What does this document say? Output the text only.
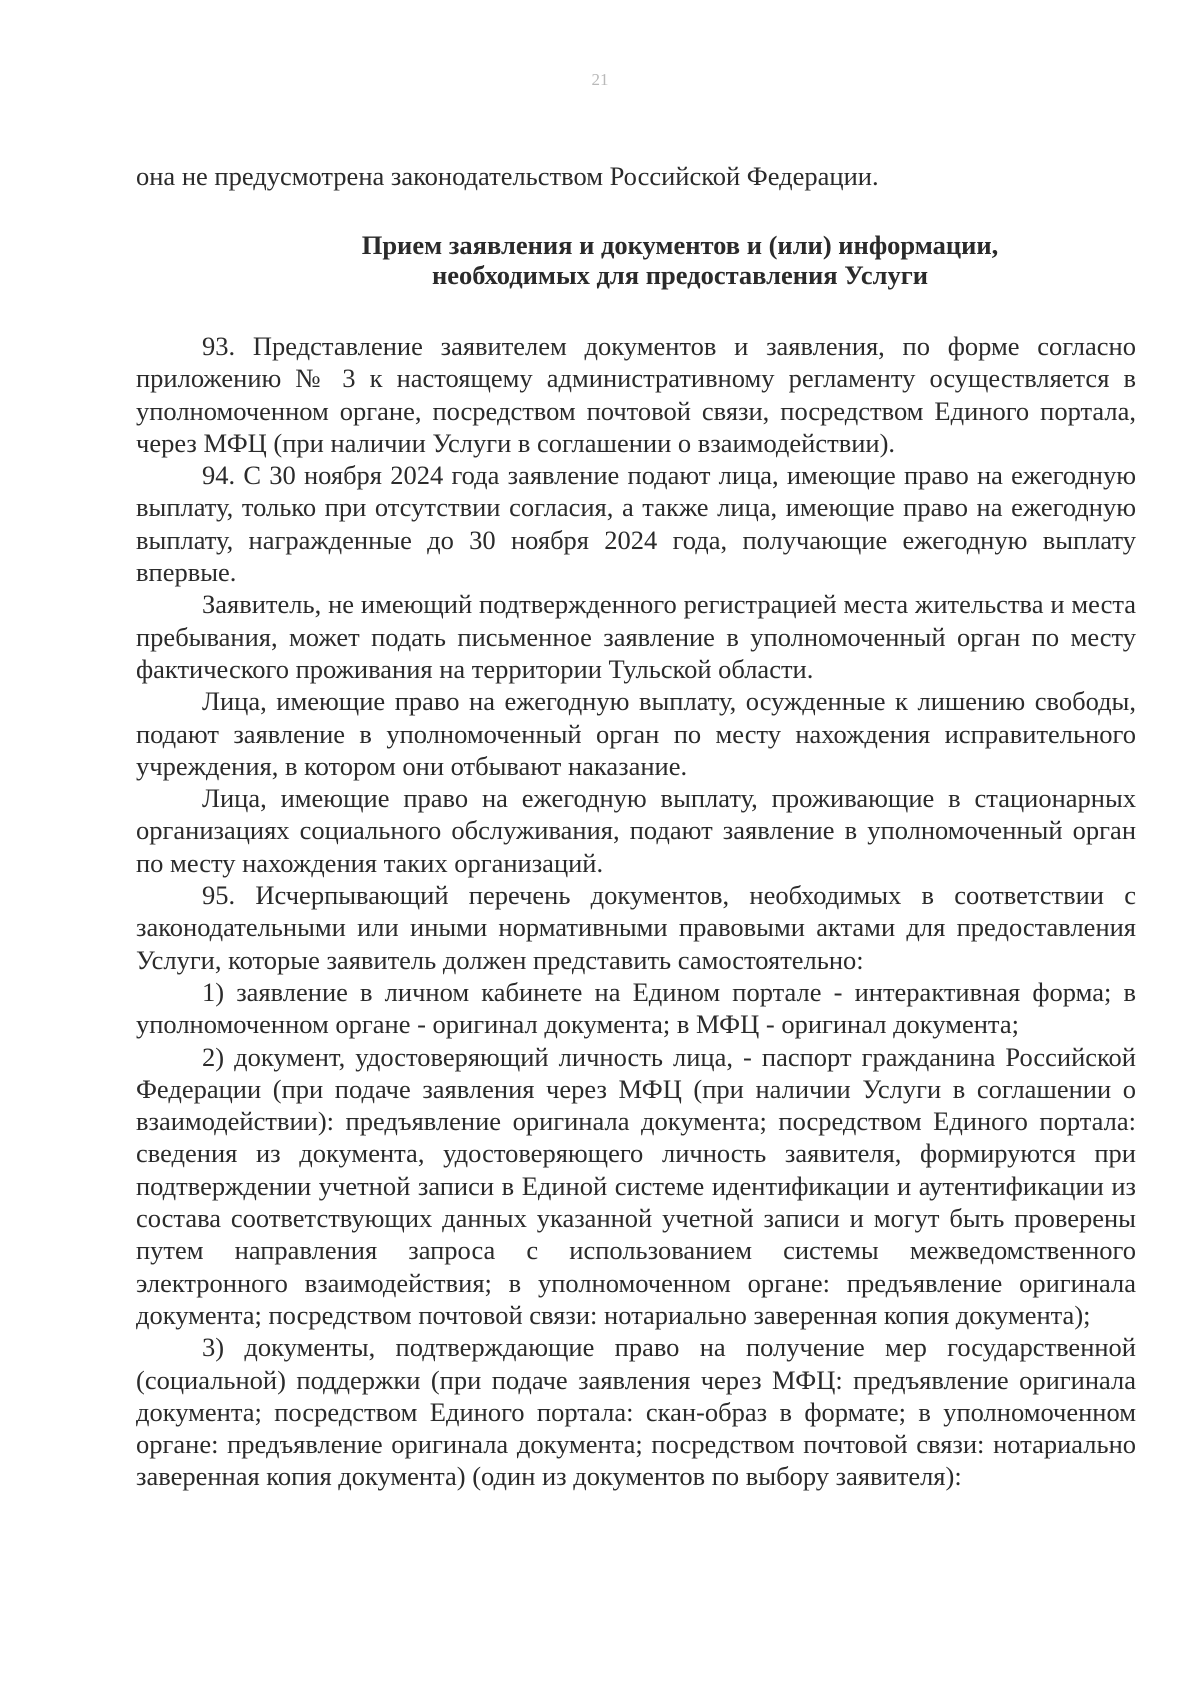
21
она не предусмотрена законодательством Российской Федерации.
Прием заявления и документов и (или) информации,
необходимых для предоставления Услуги

93. Представление заявителем документов и заявления, по форме согласно приложению № 3 к настоящему административному регламенту осуществляется в уполномоченном органе, посредством почтовой связи, посредством Единого портала, через МФЦ (при наличии Услуги в соглашении о взаимодействии).

94. С 30 ноября 2024 года заявление подают лица, имеющие право на ежегодную выплату, только при отсутствии согласия, а также лица, имеющие право на ежегодную выплату, награжденные до 30 ноября 2024 года, получающие ежегодную выплату впервые.

Заявитель, не имеющий подтвержденного регистрацией места жительства и места пребывания, может подать письменное заявление в уполномоченный орган по месту фактического проживания на территории Тульской области.

Лица, имеющие право на ежегодную выплату, осужденные к лишению свободы, подают заявление в уполномоченный орган по месту нахождения исправительного учреждения, в котором они отбывают наказание.

Лица, имеющие право на ежегодную выплату, проживающие в стационарных организациях социального обслуживания, подают заявление в уполномоченный орган по месту нахождения таких организаций.

95. Исчерпывающий перечень документов, необходимых в соответствии с законодательными или иными нормативными правовыми актами для предоставления Услуги, которые заявитель должен представить самостоятельно:

1) заявление в личном кабинете на Едином портале - интерактивная форма; в уполномоченном органе - оригинал документа; в МФЦ - оригинал документа;

2) документ, удостоверяющий личность лица, - паспорт гражданина Российской Федерации (при подаче заявления через МФЦ (при наличии Услуги в соглашении о взаимодействии): предъявление оригинала документа; посредством Единого портала: сведения из документа, удостоверяющего личность заявителя, формируются при подтверждении учетной записи в Единой системе идентификации и аутентификации из состава соответствующих данных указанной учетной записи и могут быть проверены путем направления запроса с использованием системы межведомственного электронного взаимодействия; в уполномоченном органе: предъявление оригинала документа; посредством почтовой связи: нотариально заверенная копия документа);

3) документы, подтверждающие право на получение мер государственной (социальной) поддержки (при подаче заявления через МФЦ: предъявление оригинала документа; посредством Единого портала: скан-образ в формате; в уполномоченном органе: предъявление оригинала документа; посредством почтовой связи: нотариально заверенная копия документа) (один из документов по выбору заявителя):
